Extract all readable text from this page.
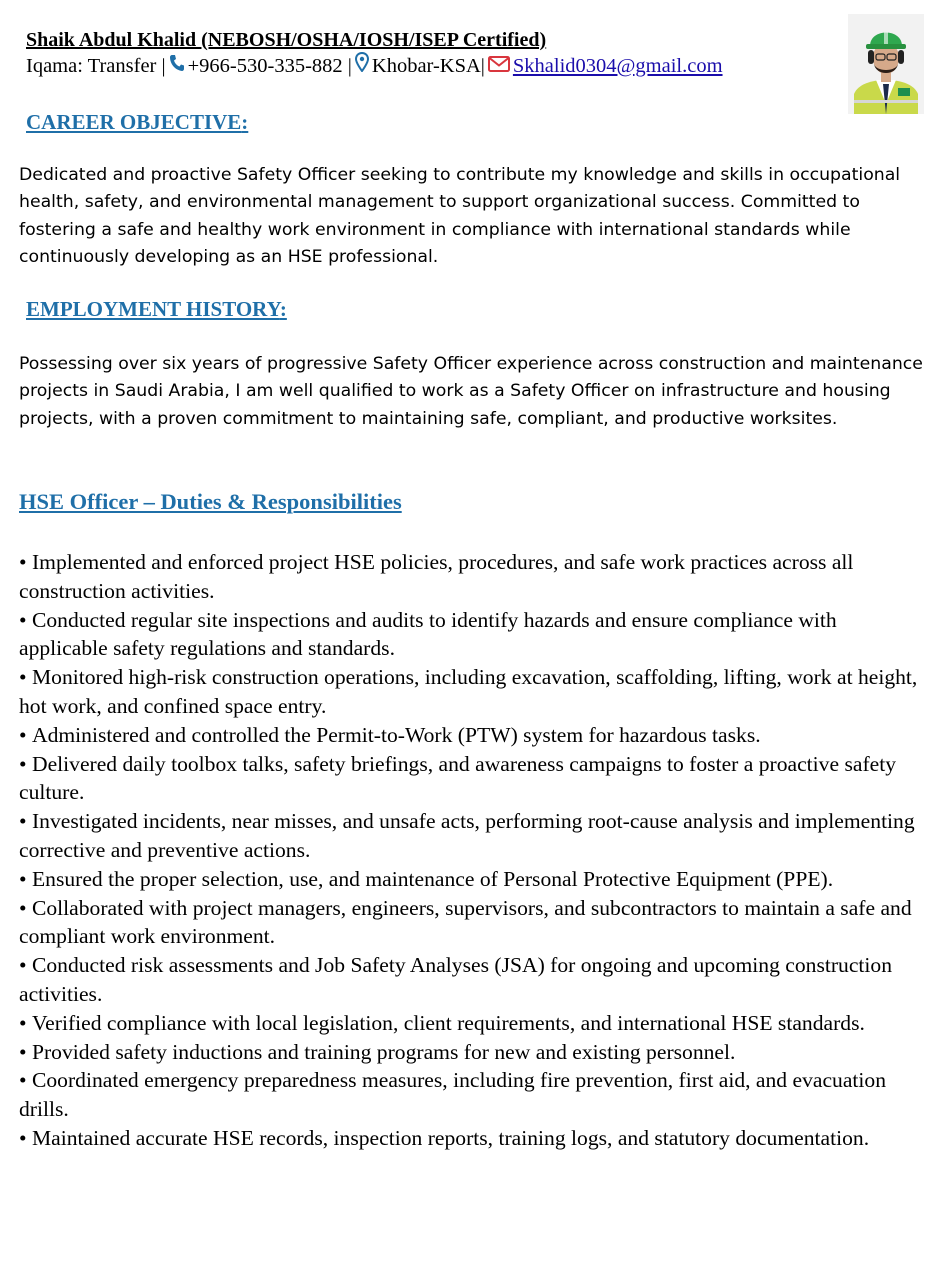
Shaik Abdul Khalid (NEBOSH/OSHA/IOSH/ISEP Certified)
Iqama: Transfer | +966-530-335-882 | Khobar-KSA| Skhalid0304@gmail.com
CAREER OBJECTIVE:
Dedicated and proactive Safety Officer seeking to contribute my knowledge and skills in occupational health, safety, and environmental management to support organizational success. Committed to fostering a safe and healthy work environment in compliance with international standards while continuously developing as an HSE professional.
EMPLOYMENT HISTORY:
Possessing over six years of progressive Safety Officer experience across construction and maintenance projects in Saudi Arabia, I am well qualified to work as a Safety Officer on infrastructure and housing projects, with a proven commitment to maintaining safe, compliant, and productive worksites.
HSE Officer – Duties & Responsibilities
• Implemented and enforced project HSE policies, procedures, and safe work practices across all construction activities.
• Conducted regular site inspections and audits to identify hazards and ensure compliance with applicable safety regulations and standards.
• Monitored high-risk construction operations, including excavation, scaffolding, lifting, work at height, hot work, and confined space entry.
• Administered and controlled the Permit-to-Work (PTW) system for hazardous tasks.
• Delivered daily toolbox talks, safety briefings, and awareness campaigns to foster a proactive safety culture.
• Investigated incidents, near misses, and unsafe acts, performing root-cause analysis and implementing corrective and preventive actions.
• Ensured the proper selection, use, and maintenance of Personal Protective Equipment (PPE).
• Collaborated with project managers, engineers, supervisors, and subcontractors to maintain a safe and compliant work environment.
• Conducted risk assessments and Job Safety Analyses (JSA) for ongoing and upcoming construction activities.
• Verified compliance with local legislation, client requirements, and international HSE standards.
• Provided safety inductions and training programs for new and existing personnel.
• Coordinated emergency preparedness measures, including fire prevention, first aid, and evacuation drills.
• Maintained accurate HSE records, inspection reports, training logs, and statutory documentation.
